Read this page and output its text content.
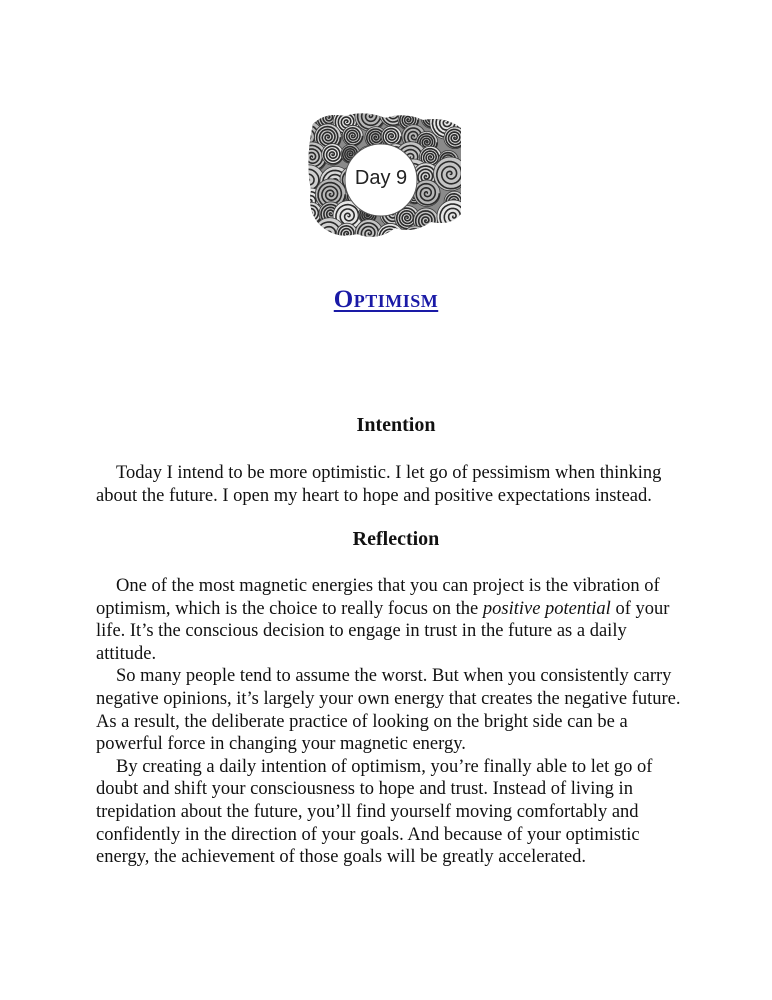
Day 9
Optimism
Intention

Today I intend to be more optimistic. I let go of pessimism when thinking about the future. I open my heart to hope and positive expectations instead.

Reflection

One of the most magnetic energies that you can project is the vibration of optimism, which is the choice to really focus on the positive potential of your life. It’s the conscious decision to engage in trust in the future as a daily attitude.

So many people tend to assume the worst. But when you consistently carry negative opinions, it’s largely your own energy that creates the negative future. As a result, the deliberate practice of looking on the bright side can be a powerful force in changing your magnetic energy.

By creating a daily intention of optimism, you’re finally able to let go of doubt and shift your consciousness to hope and trust. Instead of living in trepidation about the future, you’ll find yourself moving comfortably and confidently in the direction of your goals. And because of your optimistic energy, the achievement of those goals will be greatly accelerated.
